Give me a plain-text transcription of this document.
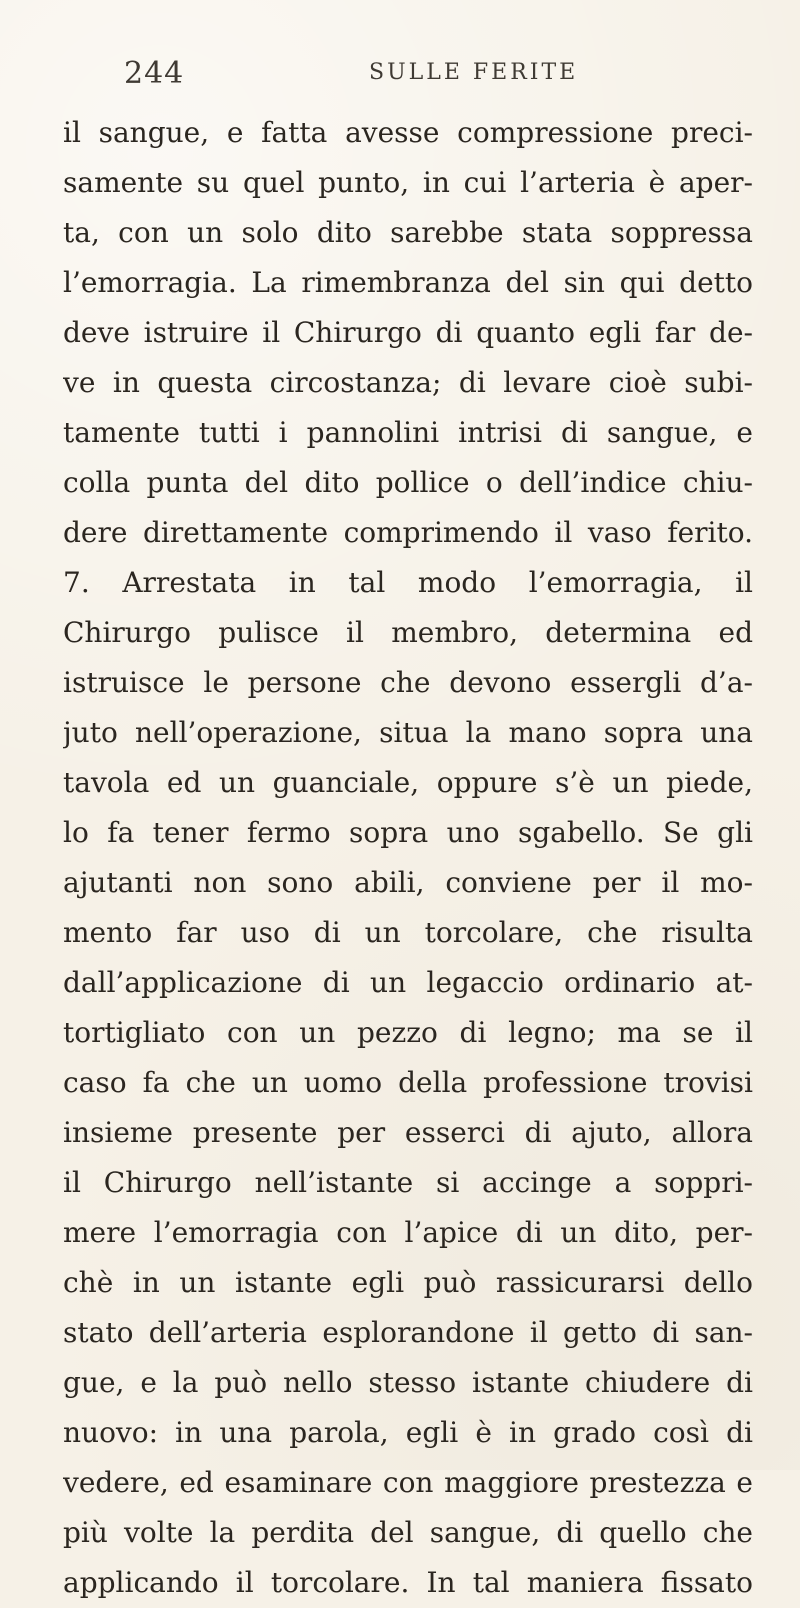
244	SULLE FERITE
il sangue, e fatta avesse compressione preci-
samente su quel punto, in cui l’arteria è aper-
ta, con un solo dito sarebbe stata soppressa
l’emorragia. La rimembranza del sin qui detto
deve istruire il Chirurgo di quanto egli far de-
ve in questa circostanza; di levare cioè subi-
tamente tutti i pannolini intrisi di sangue, e
colla punta del dito pollice o dell’indice chiu-
dere direttamente comprimendo il vaso ferito.
7. Arrestata in tal modo l’emorragia, il
Chirurgo pulisce il membro, determina ed
istruisce le persone che devono essergli d’a-
juto nell’operazione, situa la mano sopra una
tavola ed un guanciale, oppure s’è un piede,
lo fa tener fermo sopra uno sgabello. Se gli
ajutanti non sono abili, conviene per il mo-
mento far uso di un torcolare, che risulta
dall’applicazione di un legaccio ordinario at-
tortigliato con un pezzo di legno; ma se il
caso fa che un uomo della professione trovisi
insieme presente per esserci di ajuto, allora
il Chirurgo nell’istante si accinge a soppri-
mere l’emorragia con l’apice di un dito, per-
chè in un istante egli può rassicurarsi dello
stato dell’arteria esplorandone il getto di san-
gue, e la può nello stesso istante chiudere di
nuovo: in una parola, egli è in grado così di
vedere, ed esaminare con maggiore prestezza e
più volte la perdita del sangue, di quello che
applicando il torcolare. In tal maniera fissato
